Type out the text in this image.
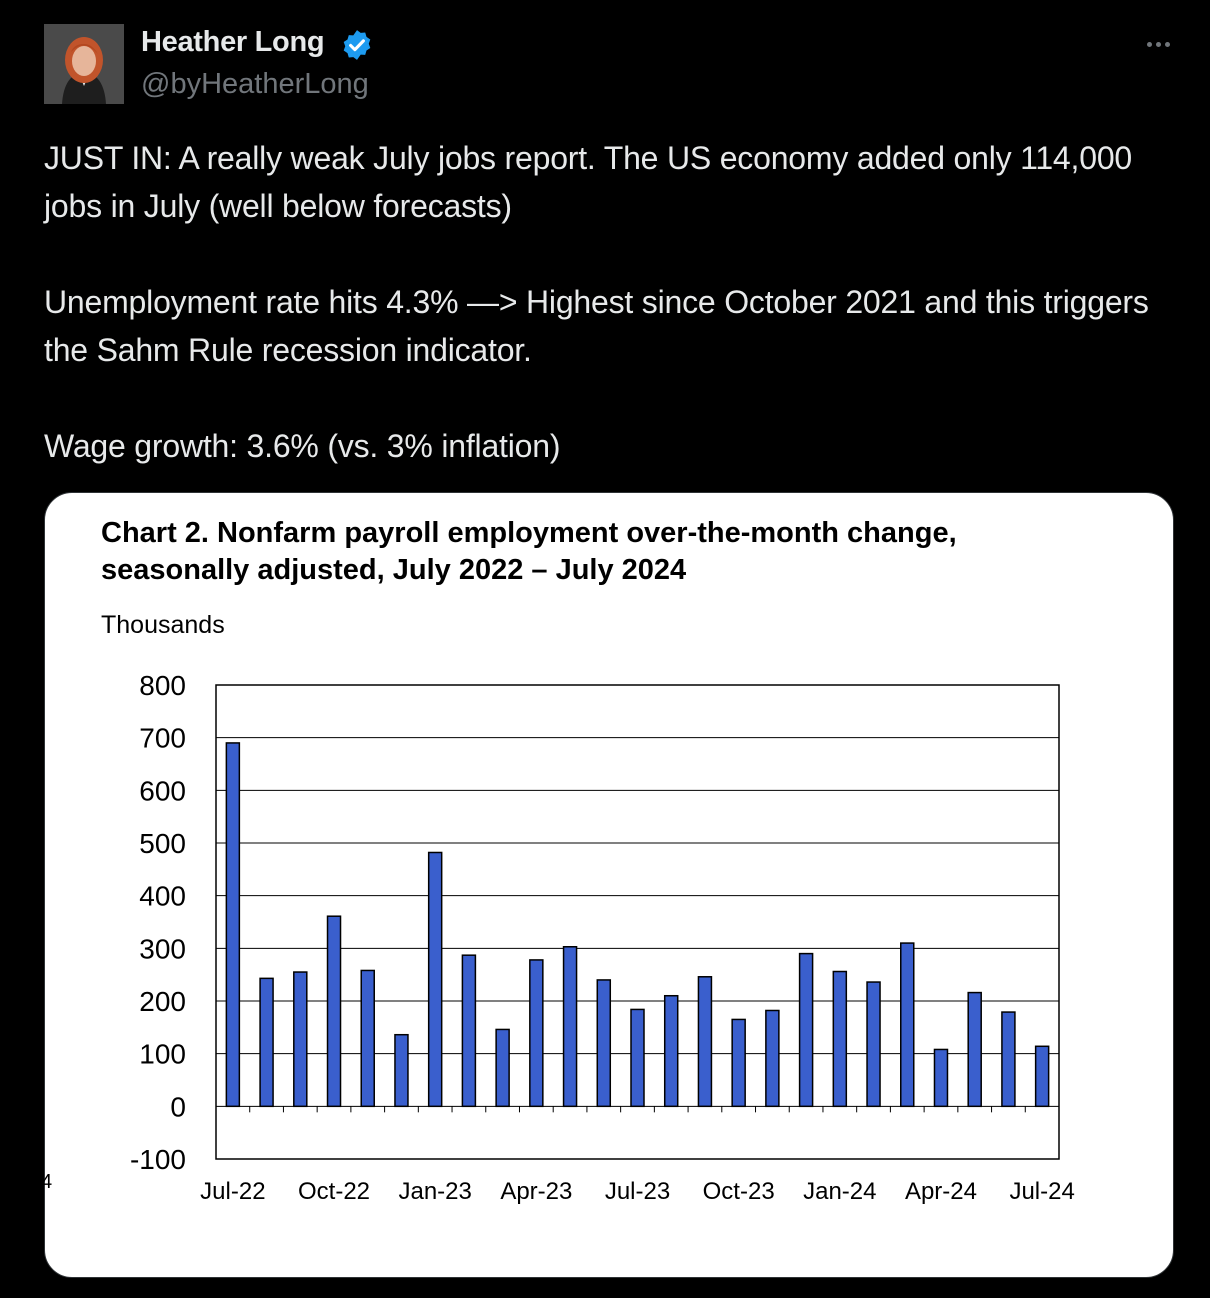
Heather Long
@byHeatherLong

JUST IN: A really weak July jobs report. The US economy added only 114,000 jobs in July (well below forecasts)

Unemployment rate hits 4.3% —> Highest since October 2021 and this triggers the Sahm Rule recession indicator.

Wage growth: 3.6% (vs. 3% inflation)

Chart 2. Nonfarm payroll employment over-the-month change, seasonally adjusted, July 2022 – July 2024
Thousands
4
800
700
600
500
400
300
200
100
0
-100
Jul-22 Oct-22 Jan-23 Apr-23 Jul-23 Oct-23 Jan-24 Apr-24 Jul-24
